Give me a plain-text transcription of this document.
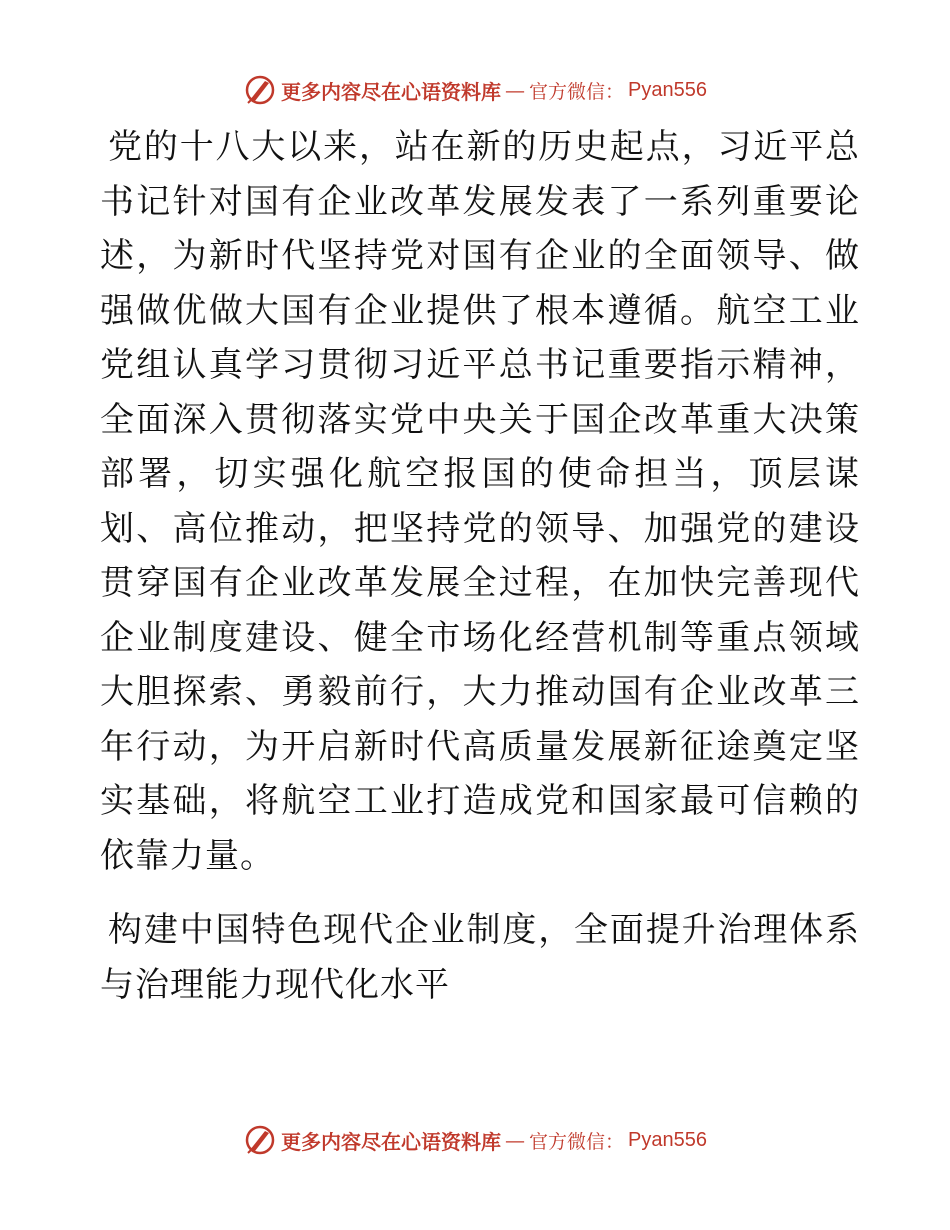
更多内容尽在心语资料库 — 官方微信： Pyan556

党的十八大以来，站在新的历史起点，习近平总书记针对国有企业改革发展发表了一系列重要论述，为新时代坚持党对国有企业的全面领导、做强做优做大国有企业提供了根本遵循。航空工业党组认真学习贯彻习近平总书记重要指示精神，全面深入贯彻落实党中央关于国企改革重大决策部署，切实强化航空报国的使命担当，顶层谋划、高位推动，把坚持党的领导、加强党的建设贯穿国有企业改革发展全过程，在加快完善现代企业制度建设、健全市场化经营机制等重点领域大胆探索、勇毅前行，大力推动国有企业改革三年行动，为开启新时代高质量发展新征途奠定坚实基础，将航空工业打造成党和国家最可信赖的依靠力量。

构建中国特色现代企业制度，全面提升治理体系与治理能力现代化水平

更多内容尽在心语资料库 — 官方微信： Pyan556
